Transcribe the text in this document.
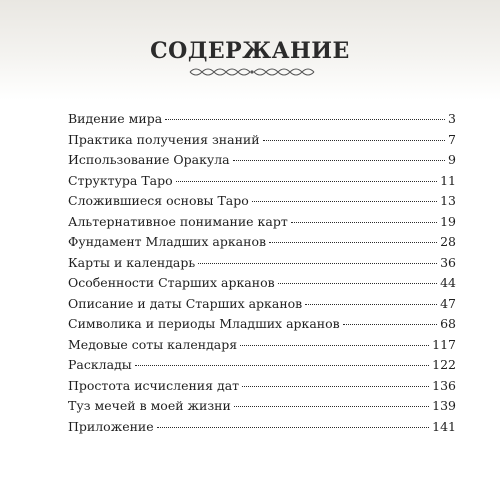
СОДЕРЖАНИЕ
Видение мира	3
Практика получения знаний	7
Использование Оракула	9
Структура Таро	11
Сложившиеся основы Таро	13
Альтернативное понимание карт	19
Фундамент Младших арканов	28
Карты и календарь	36
Особенности Старших арканов	44
Описание и даты Старших арканов	47
Символика и периоды Младших арканов	68
Медовые соты календаря	117
Расклады	122
Простота исчисления дат	136
Туз мечей в моей жизни	139
Приложение	141
